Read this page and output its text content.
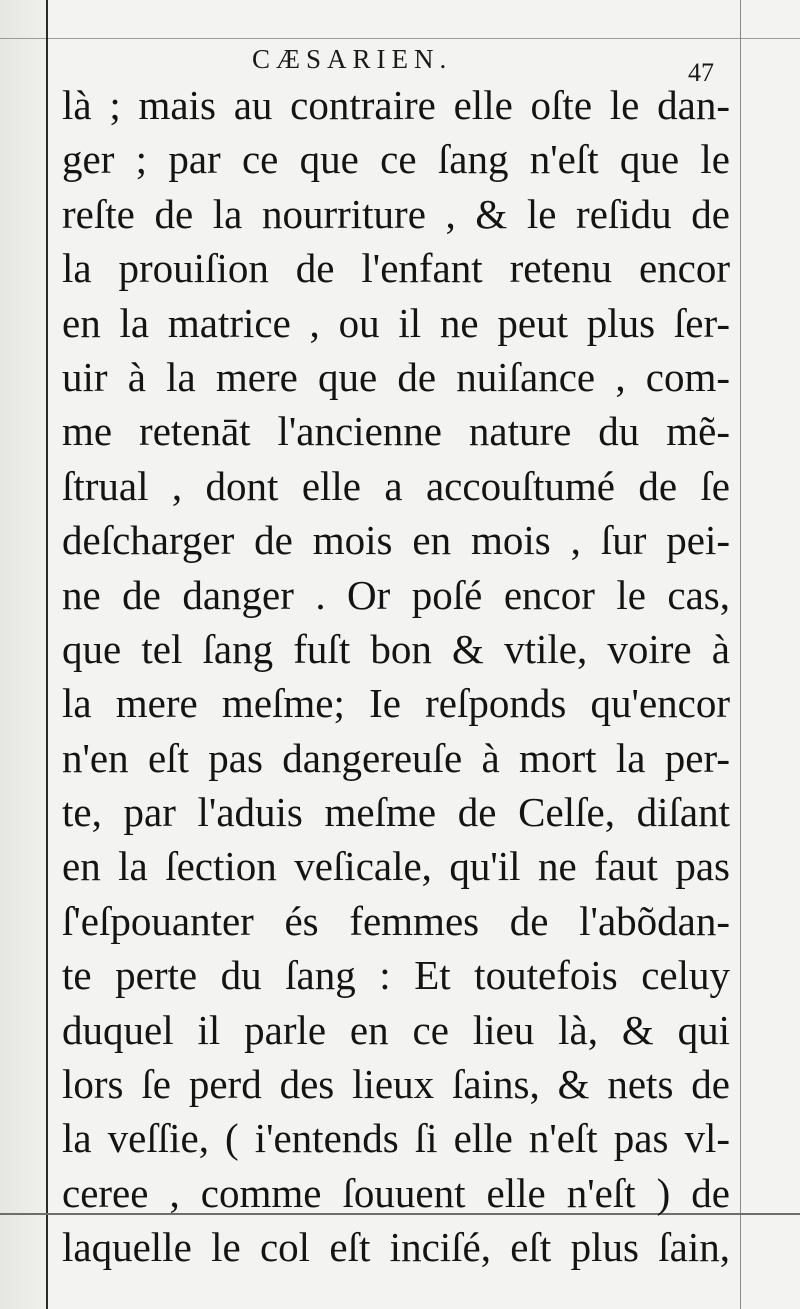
CÆSARIEN.	47
là ; mais au contraire elle oſte le dan-
ger ; par ce que ce ſang n'eſt que le
reſte de la nourriture , & le reſidu de
la prouiſion de l'enfant retenu encor
en la matrice , ou il ne peut plus ſer-
uir à la mere que de nuiſance , com-
me retenāt l'ancienne nature du mẽ-
ſtrual , dont elle a accouſtumé de ſe
deſcharger de mois en mois , ſur pei-
ne de danger . Or poſé encor le cas,
que tel ſang fuſt bon & vtile, voire à
la mere meſme; Ie reſponds qu'encor
n'en eſt pas dangereuſe à mort la per-
te, par l'aduis meſme de Celſe, diſant
en la ſection veſicale, qu'il ne faut pas
ſ'eſpouanter és femmes de l'abõdan-
te perte du ſang : Et toutefois celuy
duquel il parle en ce lieu là, & qui
lors ſe perd des lieux ſains, & nets de
la veſſie, ( i'entends ſi elle n'eſt pas vl-
ceree , comme ſouuent elle n'eſt ) de
laquelle le col eſt inciſé, eſt plus ſain,
